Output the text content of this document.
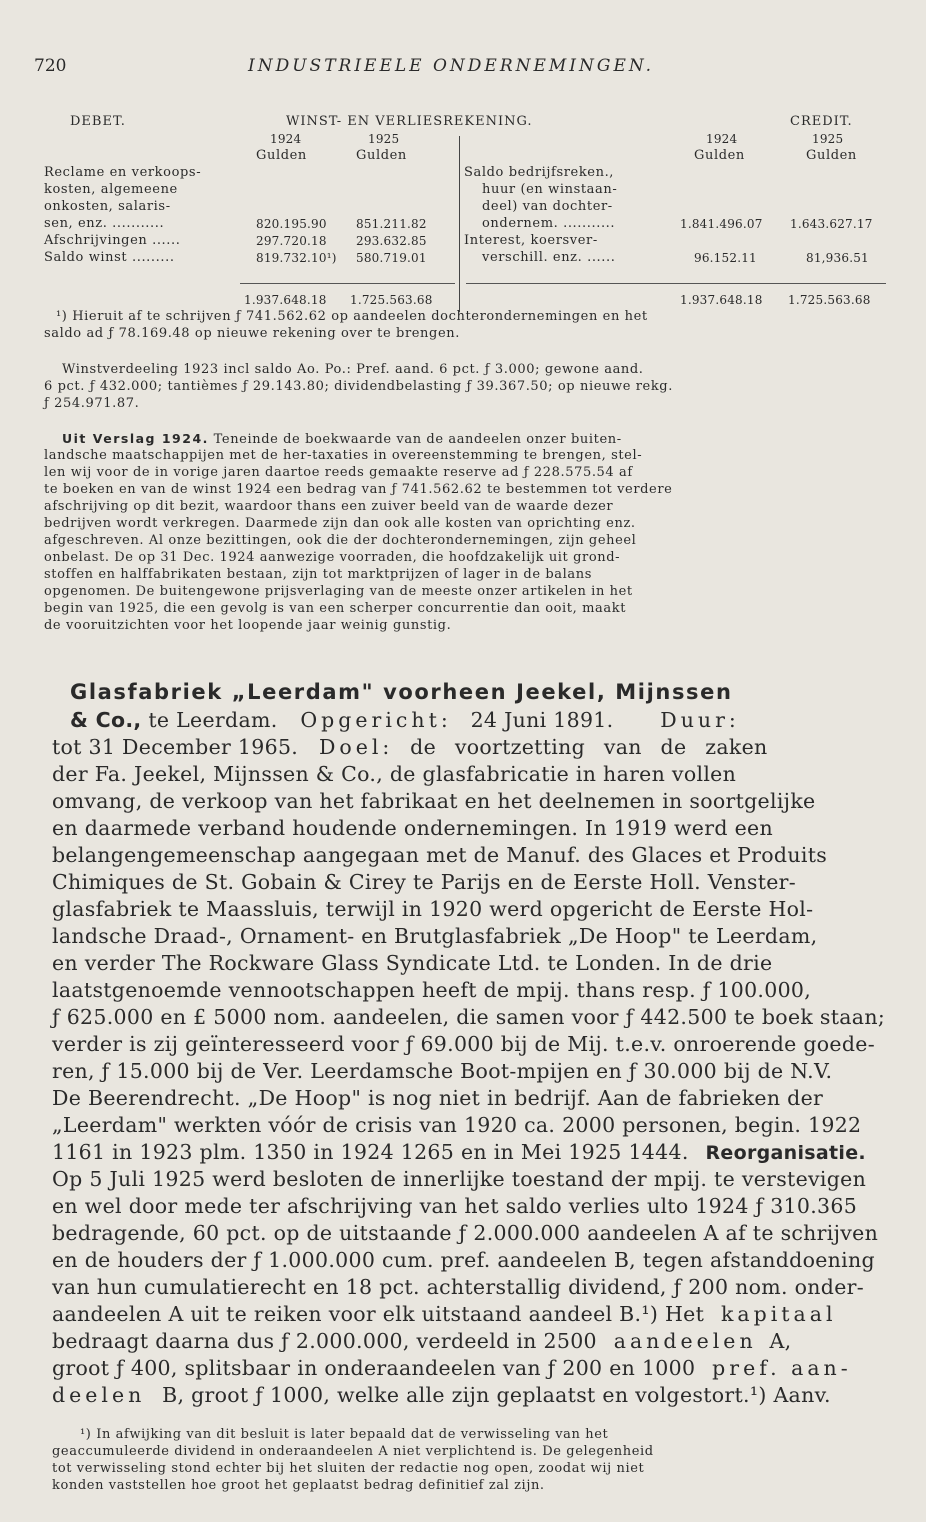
720	INDUSTRIEELE ONDERNEMINGEN.
DEBET.	WINST- EN VERLIESREKENING.	CREDIT.
1924	1925	1924	1925
Gulden	Gulden	Gulden	Gulden
Reclame en verkoops-
kosten, algemeene
onkosten, salaris-
sen, enz. ...........	820.195.90 851.211.82
Afschrijvingen ......	297.720.18 293.632.85
Saldo winst .........	819.732.10¹) 580.719.01
Saldo bedrijfsreken.,
huur (en winstaan-
deel) van dochter-
ondernem. ...........	1.841.496.07 1.643.627.17
Interest, koersver-
verschill. enz. ......	96.152.11	81,936.51
1.937.648.18 1.725.563.68	1.937.648.18 1.725.563.68
¹) Hieruit af te schrijven ƒ 741.562.62 op aandeelen dochterondernemingen en het
saldo ad ƒ 78.169.48 op nieuwe rekening over te brengen.
Winstverdeeling 1923 incl saldo Ao. Po.: Pref. aand. 6 pct. ƒ 3.000; gewone aand.
6 pct. ƒ 432.000; tantièmes ƒ 29.143.80; dividendbelasting ƒ 39.367.50; op nieuwe rekg.
ƒ 254.971.87.
Uit Verslag 1924. Teneinde de boekwaarde van de aandeelen onzer buiten-
landsche maatschappijen met de her-taxaties in overeenstemming te brengen, stel-
len wij voor de in vorige jaren daartoe reeds gemaakte reserve ad ƒ 228.575.54 af
te boeken en van de winst 1924 een bedrag van ƒ 741.562.62 te bestemmen tot verdere
afschrijving op dit bezit, waardoor thans een zuiver beeld van de waarde dezer
bedrijven wordt verkregen. Daarmede zijn dan ook alle kosten van oprichting enz.
afgeschreven. Al onze bezittingen, ook die der dochterondernemingen, zijn geheel
onbelast. De op 31 Dec. 1924 aanwezige voorraden, die hoofdzakelijk uit grond-
stoffen en halffabrikaten bestaan, zijn tot marktprijzen of lager in de balans
opgenomen. De buitengewone prijsverlaging van de meeste onzer artikelen in het
begin van 1925, die een gevolg is van een scherper concurrentie dan ooit, maakt
de vooruitzichten voor het loopende jaar weinig gunstig.
Glasfabriek „Leerdam" voorheen Jeekel, Mijnssen
& Co., te Leerdam. Opgericht: 24 Juni 1891. Duur:
tot 31 December 1965. Doel: de voortzetting van de zaken
der Fa. Jeekel, Mijnssen & Co., de glasfabricatie in haren vollen
omvang, de verkoop van het fabrikaat en het deelnemen in soortgelijke
en daarmede verband houdende ondernemingen. In 1919 werd een
belangengemeenschap aangegaan met de Manuf. des Glaces et Produits
Chimiques de St. Gobain & Cirey te Parijs en de Eerste Holl. Venster-
glasfabriek te Maassluis, terwijl in 1920 werd opgericht de Eerste Hol-
landsche Draad-, Ornament- en Brutglasfabriek „De Hoop" te Leerdam,
en verder The Rockware Glass Syndicate Ltd. te Londen. In de drie
laatstgenoemde vennootschappen heeft de mpij. thans resp. ƒ 100.000,
ƒ 625.000 en £ 5000 nom. aandeelen, die samen voor ƒ 442.500 te boek staan;
verder is zij geïnteresseerd voor ƒ 69.000 bij de Mij. t.e.v. onroerende goede-
ren, ƒ 15.000 bij de Ver. Leerdamsche Boot-mpijen en ƒ 30.000 bij de N.V.
De Beerendrecht. „De Hoop" is nog niet in bedrijf. Aan de fabrieken der
„Leerdam" werkten vóór de crisis van 1920 ca. 2000 personen, begin. 1922
1161 in 1923 plm. 1350 in 1924 1265 en in Mei 1925 1444. Reorganisatie.
Op 5 Juli 1925 werd besloten de innerlijke toestand der mpij. te verstevigen
en wel door mede ter afschrijving van het saldo verlies ulto 1924 ƒ 310.365
bedragende, 60 pct. op de uitstaande ƒ 2.000.000 aandeelen A af te schrijven
en de houders der ƒ 1.000.000 cum. pref. aandeelen B, tegen afstanddoening
van hun cumulatierecht en 18 pct. achterstallig dividend, ƒ 200 nom. onder-
aandeelen A uit te reiken voor elk uitstaand aandeel B.¹) Het kapitaal
bedraagt daarna dus ƒ 2.000.000, verdeeld in 2500 aandeelen A,
groot ƒ 400, splitsbaar in onderaandeelen van ƒ 200 en 1000 pref. aan-
deelen B, groot ƒ 1000, welke alle zijn geplaatst en volgestort.¹) Aanv.
¹) In afwijking van dit besluit is later bepaald dat de verwisseling van het
geaccumuleerde dividend in onderaandeelen A niet verplichtend is. De gelegenheid
tot verwisseling stond echter bij het sluiten der redactie nog open, zoodat wij niet
konden vaststellen hoe groot het geplaatst bedrag definitief zal zijn.
